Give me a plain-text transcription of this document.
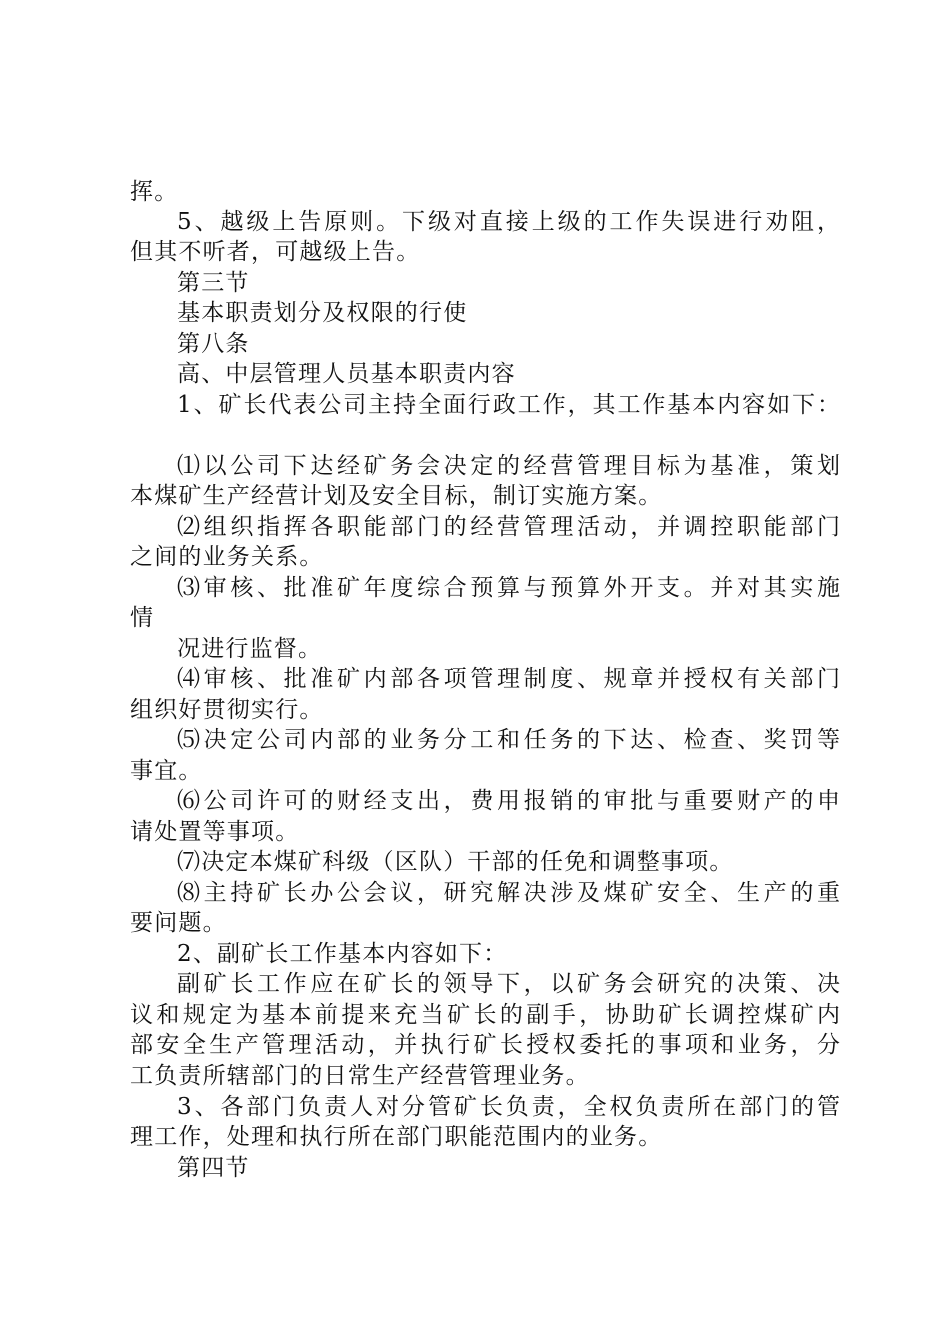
挥。
5、越级上告原则。下级对直接上级的工作失误进行劝阻，
但其不听者，可越级上告。
第三节
基本职责划分及权限的行使
第八条
高、中层管理人员基本职责内容
1、矿长代表公司主持全面行政工作，其工作基本内容如下：
⑴以公司下达经矿务会决定的经营管理目标为基准，策划
本煤矿生产经营计划及安全目标，制订实施方案。
⑵组织指挥各职能部门的经营管理活动，并调控职能部门
之间的业务关系。
⑶审核、批准矿年度综合预算与预算外开支。并对其实施
情
况进行监督。
⑷审核、批准矿内部各项管理制度、规章并授权有关部门
组织好贯彻实行。
⑸决定公司内部的业务分工和任务的下达、检查、奖罚等
事宜。
⑹公司许可的财经支出，费用报销的审批与重要财产的申
请处置等事项。
⑺决定本煤矿科级（区队）干部的任免和调整事项。
⑻主持矿长办公会议，研究解决涉及煤矿安全、生产的重
要问题。
2、副矿长工作基本内容如下：
副矿长工作应在矿长的领导下，以矿务会研究的决策、决
议和规定为基本前提来充当矿长的副手，协助矿长调控煤矿内
部安全生产管理活动，并执行矿长授权委托的事项和业务，分
工负责所辖部门的日常生产经营管理业务。
3、各部门负责人对分管矿长负责，全权负责所在部门的管
理工作，处理和执行所在部门职能范围内的业务。
第四节
